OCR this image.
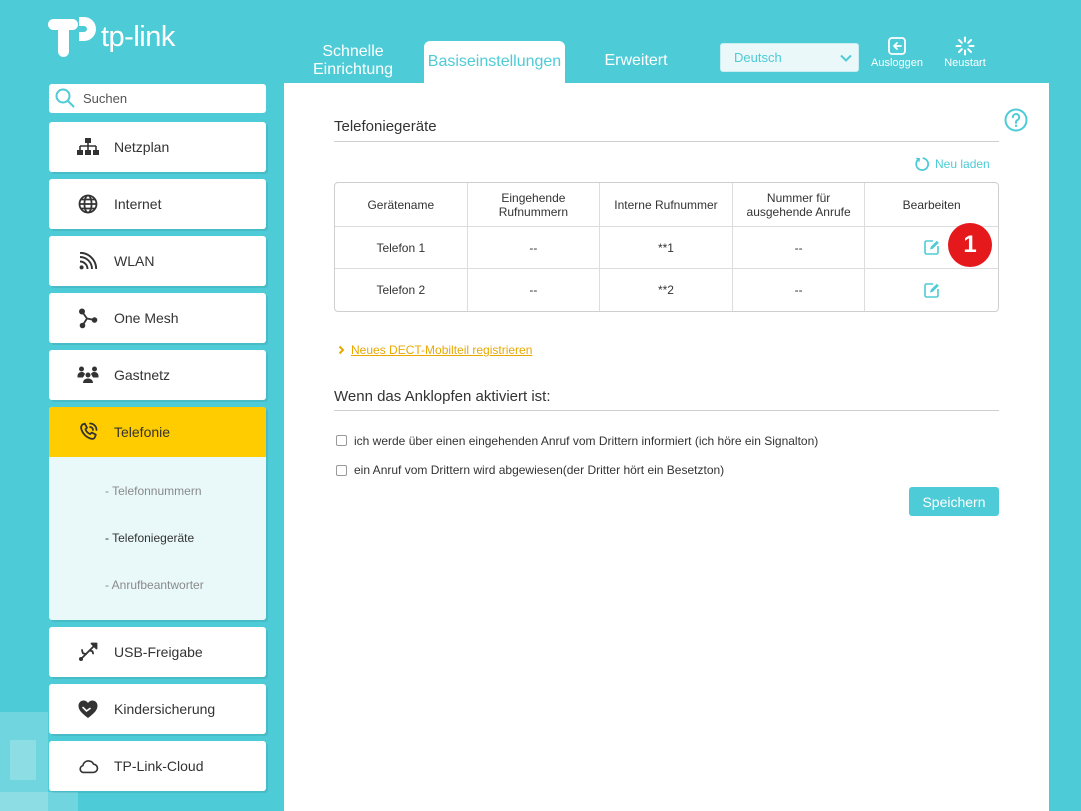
tp-link	Schnelle Einrichtung	Basiseinstellungen	Erweitert
Deutsch	Ausloggen	Neustart
Suchen
Netzplan
Internet
WLAN
One Mesh
Gastnetz
Telefonie
- Telefonnummern
- Telefoniegeräte
- Anrufbeantworter
USB-Freigabe
Kindersicherung
TP-Link-Cloud
Telefoniegeräte
Neu laden
Gerätename	Eingehende Rufnummern	Interne Rufnummer	Nummer für ausgehende Anrufe	Bearbeiten
Telefon 1	--	**1	--	
Telefon 2	--	**2	--	
1
Neues DECT-Mobilteil registrieren
Wenn das Anklopfen aktiviert ist:
ich werde über einen eingehenden Anruf vom Drittern informiert (ich höre ein Signalton)
ein Anruf vom Drittern wird abgewiesen(der Dritter hört ein Besetzton)
Speichern
